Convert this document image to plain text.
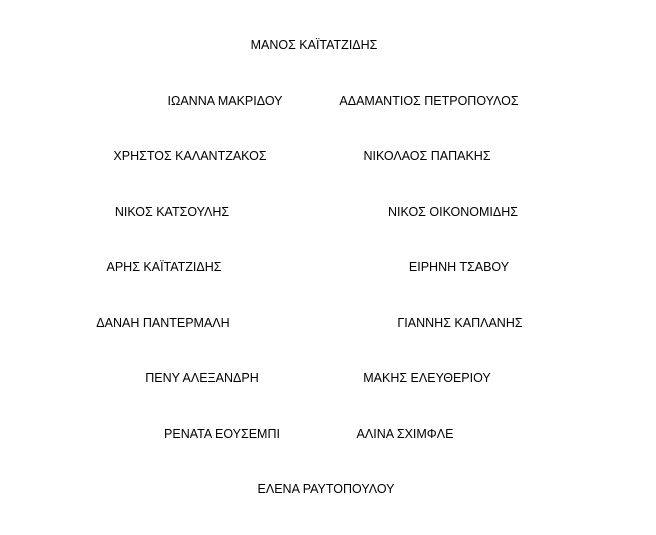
ΜΑΝΟΣ ΚΑΪΤΑΤΖΙΔΗΣ
ΙΩΑΝΝΑ ΜΑΚΡΙΔΟΥ	ΑΔΑΜΑΝΤΙΟΣ ΠΕΤΡΟΠΟΥΛΟΣ
ΧΡΗΣΤΟΣ ΚΑΛΑΝΤΖΑΚΟΣ	ΝΙΚΟΛΑΟΣ ΠΑΠΑΚΗΣ
ΝΙΚΟΣ ΚΑΤΣΟΥΛΗΣ	ΝΙΚΟΣ ΟΙΚΟΝΟΜΙΔΗΣ
ΑΡΗΣ ΚΑΪΤΑΤΖΙΔΗΣ	ΕΙΡΗΝΗ ΤΣΑΒΟΥ
ΔΑΝΑΗ ΠΑΝΤΕΡΜΑΛΗ	ΓΙΑΝΝΗΣ ΚΑΠΛΑΝΗΣ
ΠΕΝΥ ΑΛΕΞΑΝΔΡΗ	ΜΑΚΗΣ ΕΛΕΥΘΕΡΙΟΥ
ΡΕΝΑΤΑ ΕΟΥΣΕΜΠΙ	ΑΛΙΝΑ ΣΧΙΜΦΛΕ
ΕΛΕΝΑ ΡΑΥΤΟΠΟΥΛΟΥ
